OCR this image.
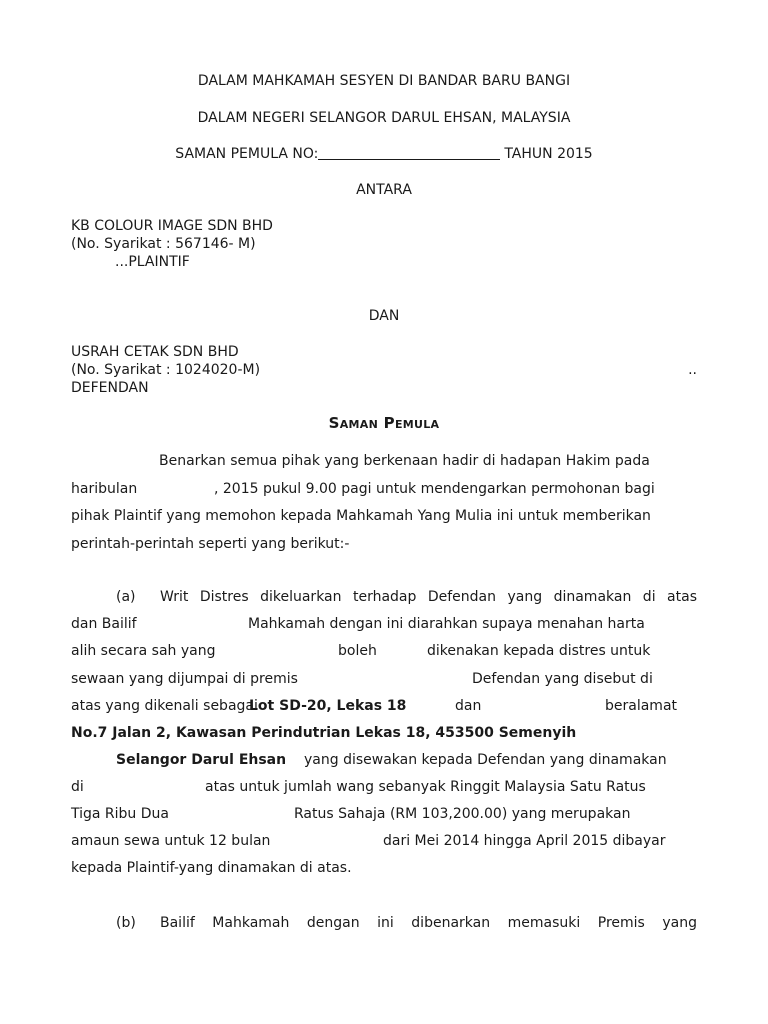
DALAM MAHKAMAH SESYEN DI BANDAR BARU BANGI
DALAM NEGERI SELANGOR DARUL EHSAN, MALAYSIA
SAMAN PEMULA NO:	TAHUN 2015
ANTARA
KB COLOUR IMAGE SDN BHD
(No. Syarikat : 567146- M)
...PLAINTIF
DAN
USRAH CETAK SDN BHD
(No. Syarikat : 1024020-M)	..
DEFENDAN
Saman Pemula
Benarkan semua pihak yang berkenaan hadir di hadapan Hakim pada
haribulan	, 2015 pukul 9.00 pagi untuk mendengarkan permohonan bagi
pihak Plaintif yang memohon kepada Mahkamah Yang Mulia ini untuk memberikan
perintah-perintah seperti yang berikut:-
(a) Writ Distres dikeluarkan terhadap Defendan yang dinamakan di atas
dan Bailif	Mahkamah dengan ini diarahkan supaya menahan harta
alih secara sah yang	boleh	dikenakan kepada distres untuk
sewaan yang dijumpai di premis	Defendan yang disebut di
atas yang dikenali sebagai
Lot SD-20, Lekas 18	dan	beralamat
No.7 Jalan 2, Kawasan Perindutrian Lekas 18, 453500 Semenyih
Selangor Darul Ehsan yang disewakan kepada Defendan yang dinamakan
di	atas untuk jumlah wang sebanyak Ringgit Malaysia Satu Ratus
Tiga Ribu Dua	Ratus Sahaja (RM 103,200.00) yang merupakan
amaun sewa untuk 12 bulan	dari Mei 2014 hingga April 2015 dibayar
kepada Plaintif-yang dinamakan di atas.
(b) Bailif Mahkamah dengan ini dibenarkan memasuki Premis yang
